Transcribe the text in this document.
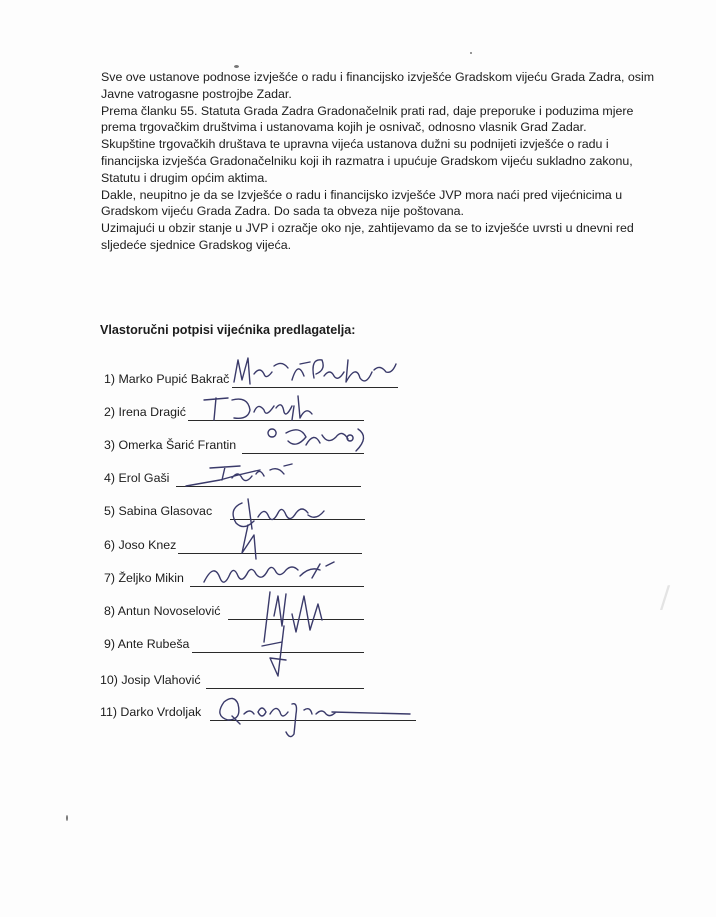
/
Sve ove ustanove podnose izvješće o radu i financijsko izvješće Gradskom vijeću Grada Zadra, osim
Javne vatrogasne postrojbe Zadar.
Prema članku 55. Statuta Grada Zadra Gradonačelnik prati rad, daje preporuke i poduzima mjere
prema trgovačkim društvima i ustanovama kojih je osnivač, odnosno vlasnik Grad Zadar.
Skupštine trgovačkih društava te upravna vijeća ustanova dužni su podnijeti izvješće o radu i
financijska izvješća Gradonačelniku koji ih razmatra i upućuje Gradskom vijeću sukladno zakonu,
Statutu i drugim općim aktima.
Dakle, neupitno je da se Izvješće o radu i financijsko izvješće JVP mora naći pred vijećnicima u
Gradskom vijeću Grada Zadra. Do sada ta obveza nije poštovana.
Uzimajući u obzir stanje u JVP i ozračje oko nje, zahtijevamo da se to izvješće uvrsti u dnevni red
sljedeće sjednice Gradskog vijeća.
Vlastoručni potpisi vijećnika predlagatelja:
1) Marko Pupić Bakrač
2) Irena Dragić
3) Omerka Šarić Frantin
4) Erol Gaši
5) Sabina Glasovac
6) Joso Knez
7) Željko Mikin
8) Antun Novoselović
9) Ante Rubeša
10) Josip Vlahović
11) Darko Vrdoljak
